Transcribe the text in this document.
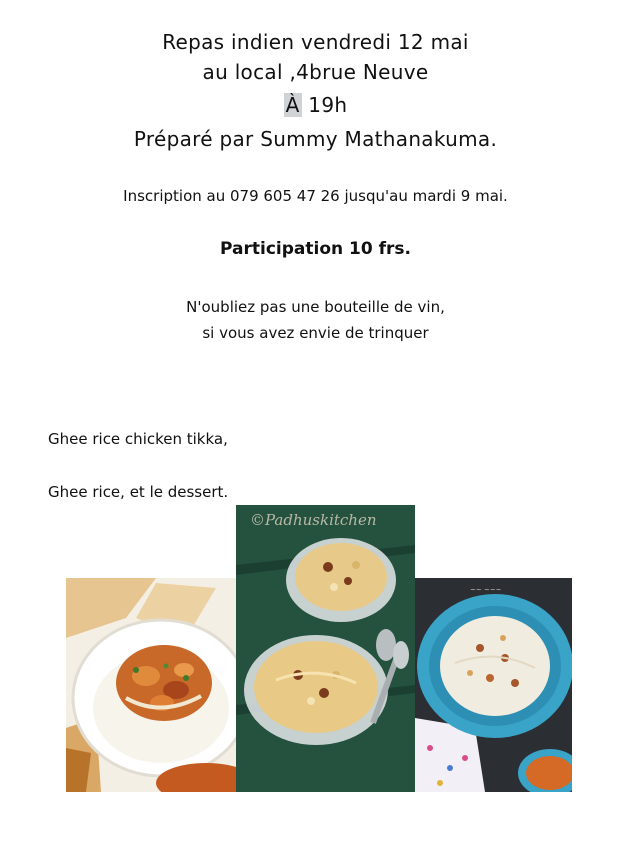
Repas indien vendredi 12 mai
au local ,4brue Neuve
À 19h
Préparé par Summy Mathanakuma.
Inscription au 079 605 47 26 jusqu'au mardi 9 mai.
Participation 10 frs.
N'oubliez pas une bouteille de vin,
si vous avez envie de trinquer
Ghee rice chicken tikka,
Ghee rice, et le dessert.
©Padhuskitchen
~~ ~~~
